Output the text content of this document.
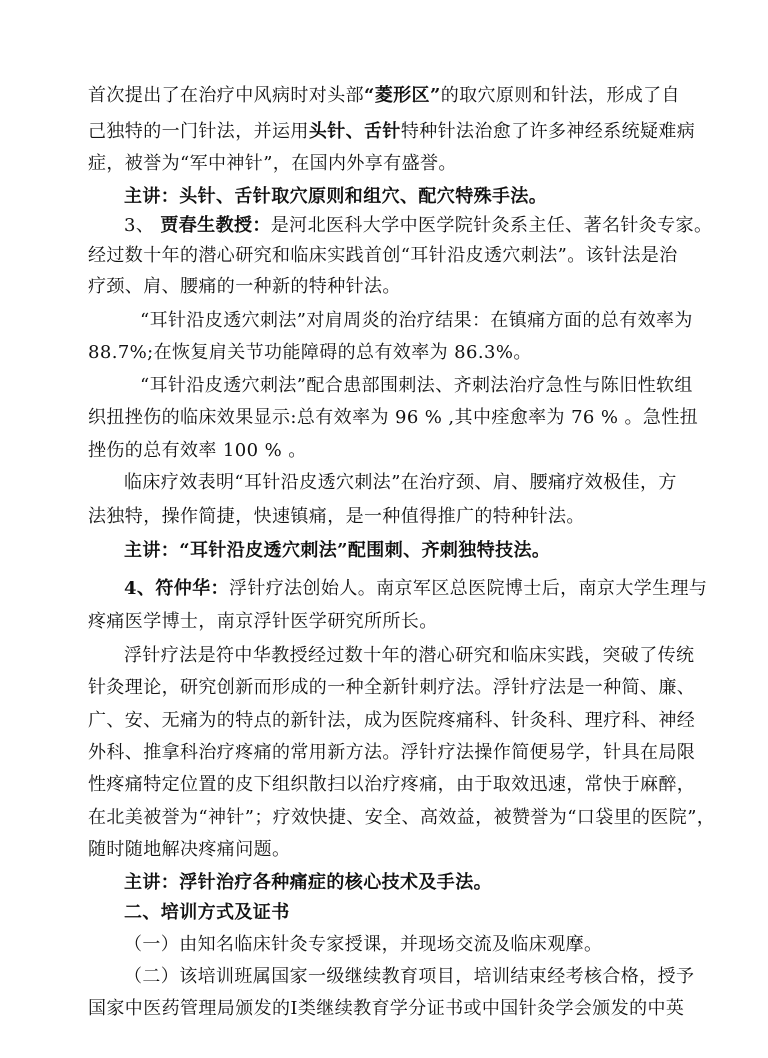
首次提出了在治疗中风病时对头部“菱形区”的取穴原则和针法，形成了自
己独特的一门针法，并运用头针、舌针特种针法治愈了许多神经系统疑难病
症，被誉为“军中神针”，在国内外享有盛誉。
主讲：头针、舌针取穴原则和组穴、配穴特殊手法。
3、 贾春生教授：是河北医科大学中医学院针灸系主任、著名针灸专家。
经过数十年的潜心研究和临床实践首创“耳针沿皮透穴刺法”。该针法是治
疗颈、肩、腰痛的一种新的特种针法。
“耳针沿皮透穴刺法”对肩周炎的治疗结果：在镇痛方面的总有效率为
88.7%;在恢复肩关节功能障碍的总有效率为 86.3%。
“耳针沿皮透穴刺法”配合患部围刺法、齐刺法治疗急性与陈旧性软组
织扭挫伤的临床效果显示:总有效率为 96 % ,其中痊愈率为 76 % 。急性扭
挫伤的总有效率 100 % 。
临床疗效表明“耳针沿皮透穴刺法”在治疗颈、肩、腰痛疗效极佳，方
法独特，操作简捷，快速镇痛，是一种值得推广的特种针法。
主讲：“耳针沿皮透穴刺法”配围刺、齐刺独特技法。
4、符仲华：浮针疗法创始人。南京军区总医院博士后，南京大学生理与
疼痛医学博士，南京浮针医学研究所所长。
浮针疗法是符中华教授经过数十年的潜心研究和临床实践，突破了传统
针灸理论，研究创新而形成的一种全新针刺疗法。浮针疗法是一种简、廉、
广、安、无痛为的特点的新针法，成为医院疼痛科、针灸科、理疗科、神经
外科、推拿科治疗疼痛的常用新方法。浮针疗法操作简便易学，针具在局限
性疼痛特定位置的皮下组织散扫以治疗疼痛，由于取效迅速，常快于麻醉，
在北美被誉为“神针”；疗效快捷、安全、高效益，被赞誉为“口袋里的医院”，
随时随地解决疼痛问题。
主讲：浮针治疗各种痛症的核心技术及手法。
二、培训方式及证书
（一）由知名临床针灸专家授课，并现场交流及临床观摩。
（二）该培训班属国家一级继续教育项目，培训结束经考核合格，授予
国家中医药管理局颁发的I类继续教育学分证书或中国针灸学会颁发的中英
